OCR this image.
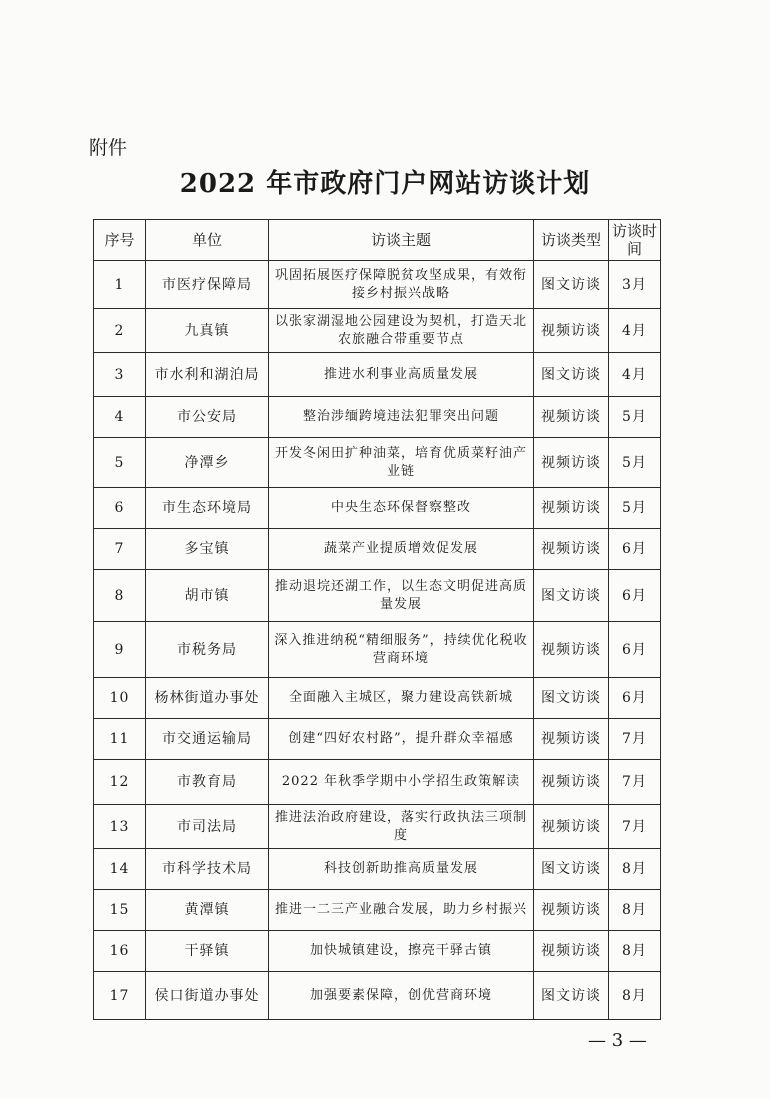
附件
2022 年市政府门户网站访谈计划
序号	单位	访谈主题	访谈类型	访谈时间
1	市医疗保障局	巩固拓展医疗保障脱贫攻坚成果，有效衔接乡村振兴战略	图文访谈	3月
2	九真镇	以张家湖湿地公园建设为契机，打造天北农旅融合带重要节点	视频访谈	4月
3	市水利和湖泊局	推进水利事业高质量发展	图文访谈	4月
4	市公安局	整治涉缅跨境违法犯罪突出问题	视频访谈	5月
5	净潭乡	开发冬闲田扩种油菜，培育优质菜籽油产业链	视频访谈	5月
6	市生态环境局	中央生态环保督察整改	视频访谈	5月
7	多宝镇	蔬菜产业提质增效促发展	视频访谈	6月
8	胡市镇	推动退垸还湖工作，以生态文明促进高质量发展	图文访谈	6月
9	市税务局	深入推进纳税“精细服务”，持续优化税收营商环境	视频访谈	6月
10	杨林街道办事处	全面融入主城区，聚力建设高铁新城	图文访谈	6月
11	市交通运输局	创建“四好农村路”，提升群众幸福感	视频访谈	7月
12	市教育局	2022 年秋季学期中小学招生政策解读	视频访谈	7月
13	市司法局	推进法治政府建设，落实行政执法三项制度	视频访谈	7月
14	市科学技术局	科技创新助推高质量发展	图文访谈	8月
15	黄潭镇	推进一二三产业融合发展，助力乡村振兴	视频访谈	8月
16	干驿镇	加快城镇建设，擦亮干驿古镇	视频访谈	8月
17	侯口街道办事处	加强要素保障，创优营商环境	图文访谈	8月
— 3 —
